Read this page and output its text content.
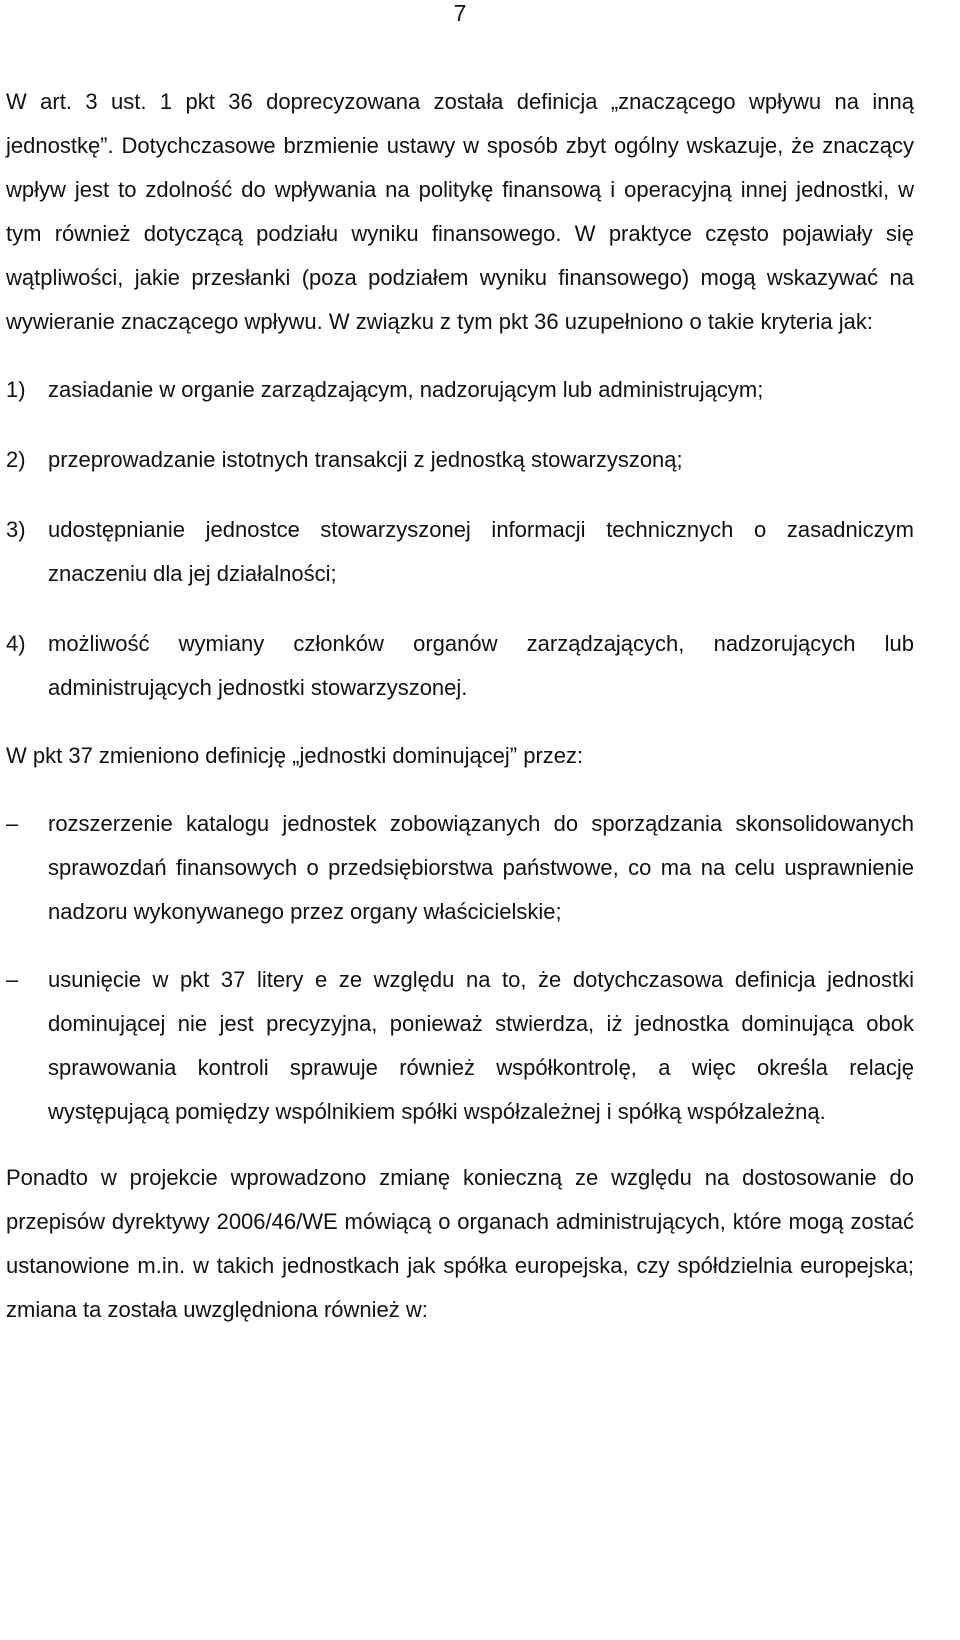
7

W art. 3 ust. 1 pkt 36 doprecyzowana została definicja „znaczącego wpływu na inną jednostkę”. Dotychczasowe brzmienie ustawy w sposób zbyt ogólny wskazuje, że znaczący wpływ jest to zdolność do wpływania na politykę finansową i operacyjną innej jednostki, w tym również dotyczącą podziału wyniku finansowego. W praktyce często pojawiały się wątpliwości, jakie przesłanki (poza podziałem wyniku finansowego) mogą wskazywać na wywieranie znaczącego wpływu. W związku z tym pkt 36 uzupełniono o takie kryteria jak:

1)	zasiadanie w organie zarządzającym, nadzorującym lub administrującym;
2)	przeprowadzanie istotnych transakcji z jednostką stowarzyszoną;
3)	udostępnianie jednostce stowarzyszonej informacji technicznych o zasadniczym znaczeniu dla jej działalności;
4)	możliwość wymiany członków organów zarządzających, nadzorujących lub administrujących jednostki stowarzyszonej.

W pkt 37 zmieniono definicję „jednostki dominującej” przez:

–	rozszerzenie katalogu jednostek zobowiązanych do sporządzania skonsolidowanych sprawozdań finansowych o przedsiębiorstwa państwowe, co ma na celu usprawnienie nadzoru wykonywanego przez organy właścicielskie;
–	usunięcie w pkt 37 litery e ze względu na to, że dotychczasowa definicja jednostki dominującej nie jest precyzyjna, ponieważ stwierdza, iż jednostka dominująca obok sprawowania kontroli sprawuje również współkontrolę, a więc określa relację występującą pomiędzy wspólnikiem spółki współzależnej i spółką współzależną.

Ponadto w projekcie wprowadzono zmianę konieczną ze względu na dostosowanie do przepisów dyrektywy 2006/46/WE mówiącą o organach administrujących, które mogą zostać ustanowione m.in. w takich jednostkach jak spółka europejska, czy spółdzielnia europejska; zmiana ta została uwzględniona również w:
